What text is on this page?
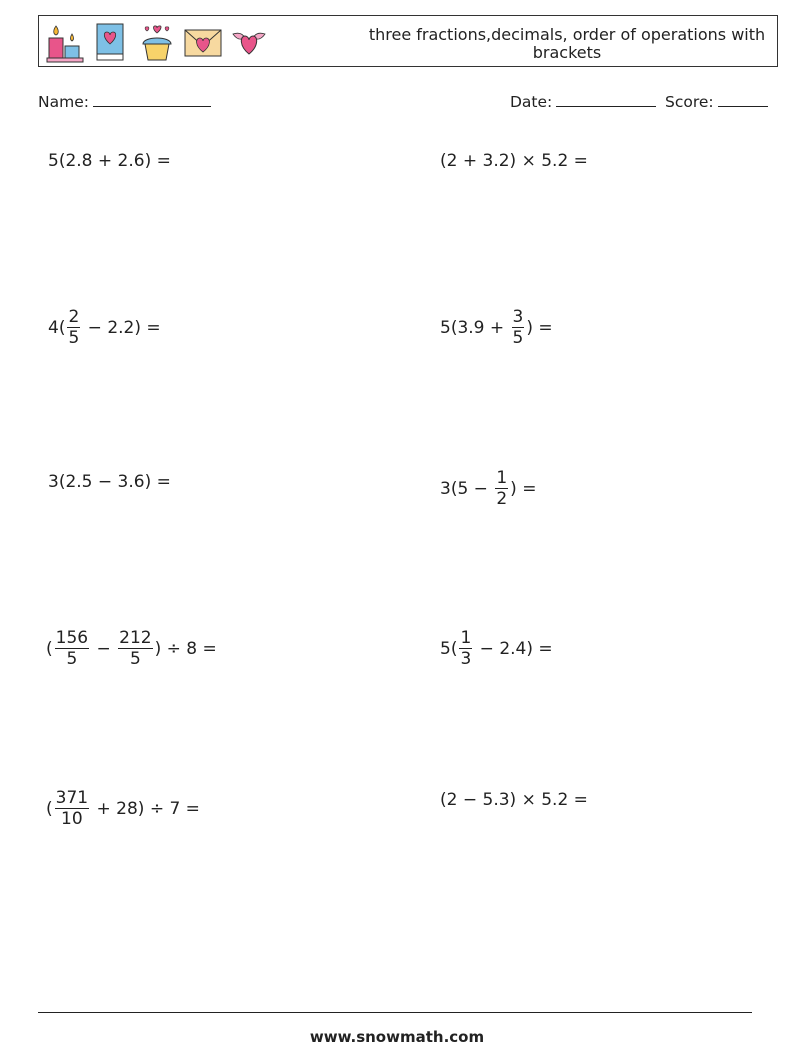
three fractions,decimals, order of operations with brackets
Name:	Date:	Score:
5(2.8 + 2.6) =	(2 + 3.2) × 5.2 =
$4( \frac{2}{5} - 2.2)$ =	$5(3.9 + \frac{3}{5}$ ) =
3(2.5 − 3.6) =	$3(5 - \frac{1}{2}$ ) =
( $\frac{156}{5} - \frac{212}{5}$ ) ÷ 8 =	$5( \frac{1}{3} - 2.4)$ =
( $\frac{371}{10} + 28) \div 7$ =	(2 − 5.3) × 5.2 =
www.snowmath.com
